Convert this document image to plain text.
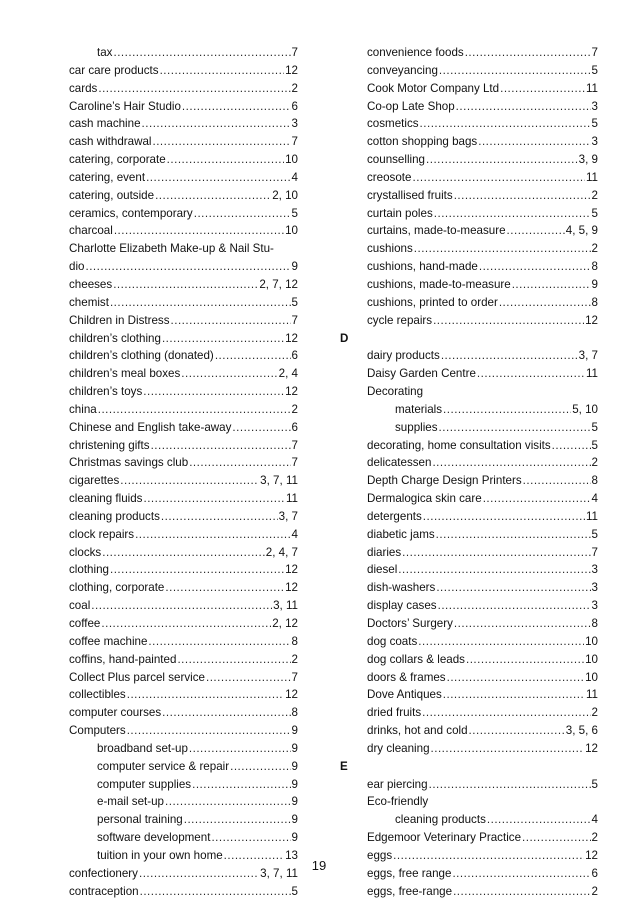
tax .....	7
car care products .....	12
cards .....	2
Caroline’s Hair Studio .....	6
cash machine .....	3
cash withdrawal .....	7
catering, corporate .....	10
catering, event .....	4
catering, outside .....	2, 10
ceramics, contemporary .....	5
charcoal .....	10
Charlotte Elizabeth Make-up & Nail Stu-
dio .....	9
cheeses .....	2, 7, 12
chemist .....	5
Children in Distress .....	7
children’s clothing .....	12
children’s clothing (donated) .....	6
children’s meal boxes .....	2, 4
children’s toys .....	12
china .....	2
Chinese and English take-away .....	6
christening gifts .....	7
Christmas savings club .....	7
cigarettes .....	3, 7, 11
cleaning fluids .....	11
cleaning products .....	3, 7
clock repairs .....	4
clocks .....	2, 4, 7
clothing .....	12
clothing, corporate .....	12
coal .....	3, 11
coffee .....	2, 12
coffee machine .....	8
coffins, hand-painted .....	2
Collect Plus parcel service .....	7
collectibles .....	12
computer courses .....	8
Computers .....	9
broadband set-up .....	9
computer service & repair .....	9
computer supplies .....	9
e-mail set-up .....	9
personal training .....	9
software development .....	9
tuition in your own home .....	13
confectionery .....	3, 7, 11
contraception .....	5
convenience foods .....	7
conveyancing .....	5
Cook Motor Company Ltd .....	11
Co-op Late Shop .....	3
cosmetics .....	5
cotton shopping bags .....	3
counselling .....	3, 9
creosote .....	11
crystallised fruits .....	2
curtain poles .....	5
curtains, made-to-measure .....	4, 5, 9
cushions .....	2
cushions, hand-made .....	8
cushions, made-to-measure .....	9
cushions, printed to order .....	8
cycle repairs .....	12
dairy products .....	3, 7
Daisy Garden Centre .....	11
Decorating
materials .....	5, 10
supplies .....	5
decorating, home consultation visits .....	5
delicatessen .....	2
Depth Charge Design Printers .....	8
Dermalogica skin care .....	4
detergents .....	11
diabetic jams .....	5
diaries .....	7
diesel .....	3
dish-washers .....	3
display cases .....	3
Doctors’ Surgery .....	8
dog coats .....	10
dog collars & leads .....	10
doors & frames .....	10
Dove Antiques .....	11
dried fruits .....	2
drinks, hot and cold .....	3, 5, 6
dry cleaning .....	12
ear piercing .....	5
Eco-friendly
cleaning products .....	4
Edgemoor Veterinary Practice .....	2
eggs .....	12
eggs, free range .....	6
eggs, free-range .....	2
19
D
E
